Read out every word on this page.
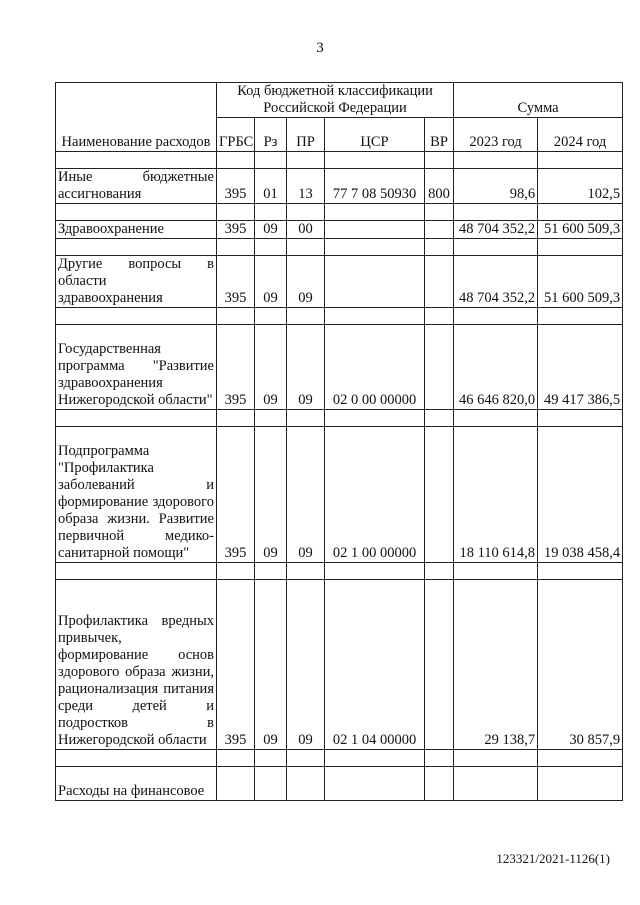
3
Наименование расходов	Код бюджетной классификации Российской Федерации					Сумма	
	ГРБС	Рз	ПР	ЦСР	ВР	2023 год	2024 год

Иные бюджетные ассигнования	395	01	13	77 7 08 50930	800	98,6	102,5

Здравоохранение	395	09	00			48 704 352,2	51 600 509,3

Другие вопросы в области здравоохранения	395	09	09			48 704 352,2	51 600 509,3

Государственная программа "Развитие здравоохранения Нижегородской области"	395	09	09	02 0 00 00000		46 646 820,0	49 417 386,5

Подпрограмма "Профилактика заболеваний и формирование здорового образа жизни. Развитие первичной медико-санитарной помощи"	395	09	09	02 1 00 00000		18 110 614,8	19 038 458,4

Профилактика вредных привычек, формирование основ здорового образа жизни, рационализация питания среди детей и подростков в Нижегородской области	395	09	09	02 1 04 00000		29 138,7	30 857,9

Расходы на финансовое							
123321/2021-1126(1)
